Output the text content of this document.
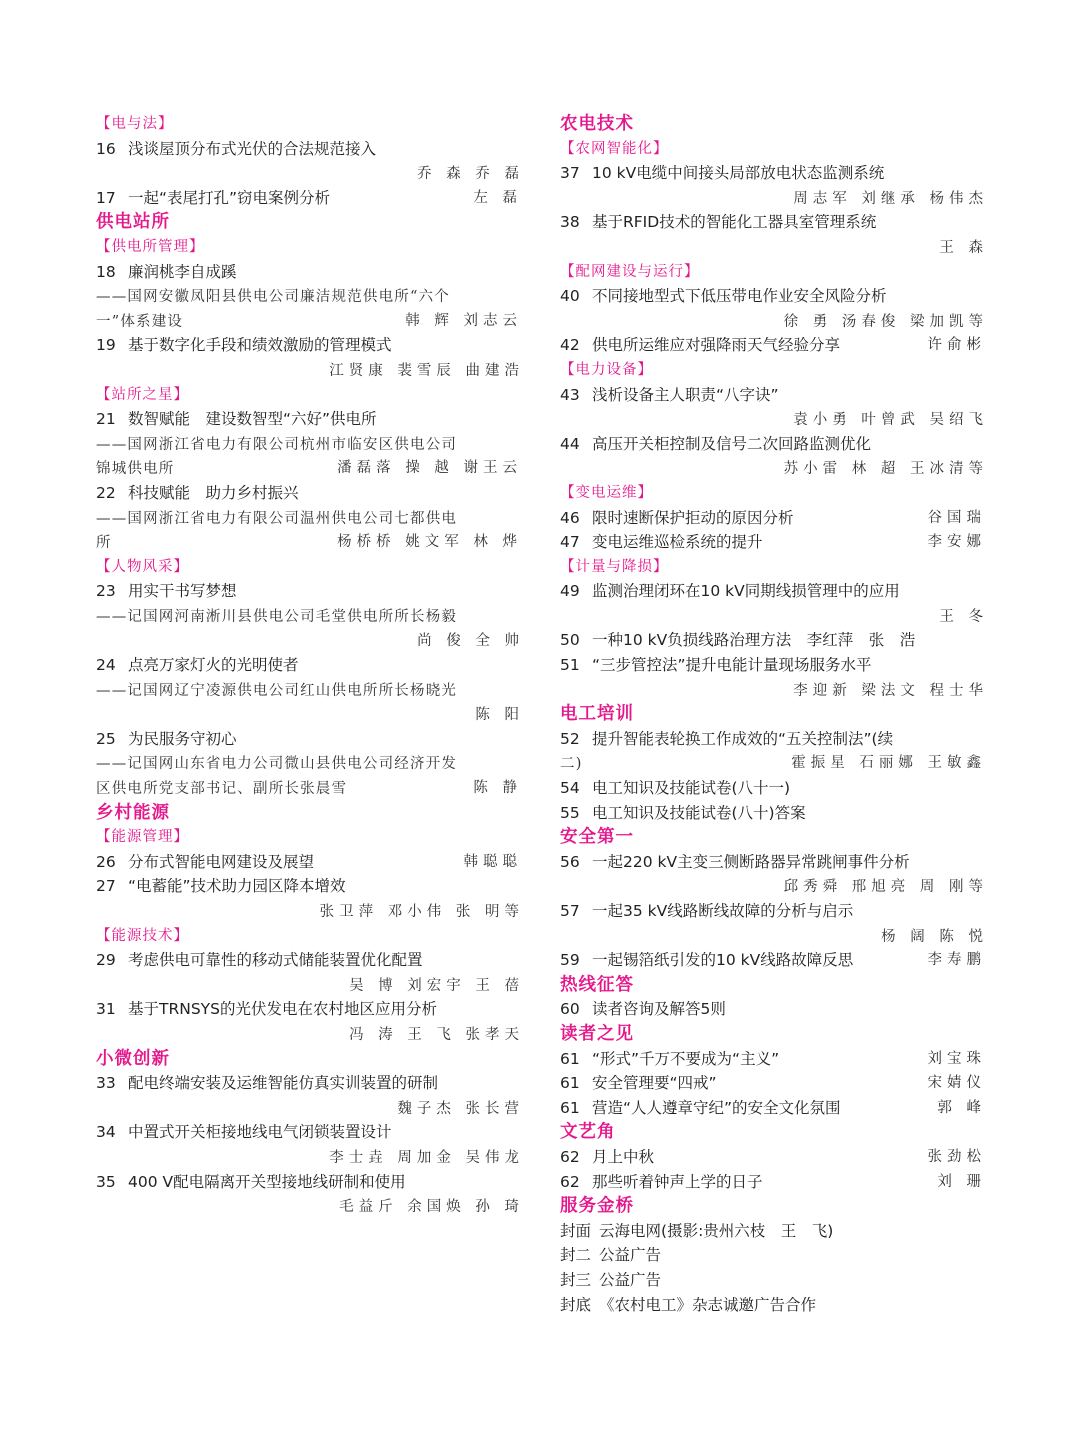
【电与法】
16 浅谈屋顶分布式光伏的合法规范接入
乔 森 乔 磊
17 一起“表尾打孔”窃电案例分析	左 磊
供电站所
【供电所管理】
18 廉润桃李自成蹊
——国网安徽凤阳县供电公司廉洁规范供电所“六个
一”体系建设	韩 辉 刘志云
19 基于数字化手段和绩效激励的管理模式
江贤康 裴雪辰 曲建浩
【站所之星】
21 数智赋能　建设数智型“六好”供电所
——国网浙江省电力有限公司杭州市临安区供电公司
锦城供电所	潘磊落 操 越 谢王云
22 科技赋能　助力乡村振兴
——国网浙江省电力有限公司温州供电公司七都供电
所	杨桥桥 姚文军 林 烨
【人物风采】
23 用实干书写梦想
——记国网河南淅川县供电公司毛堂供电所所长杨毅
尚 俊 全 帅
24 点亮万家灯火的光明使者
——记国网辽宁凌源供电公司红山供电所所长杨晓光
陈 阳
25 为民服务守初心
——记国网山东省电力公司微山县供电公司经济开发
区供电所党支部书记、副所长张晨雪	陈 静
乡村能源
【能源管理】
26 分布式智能电网建设及展望	韩聪聪
27 “电蓄能”技术助力园区降本增效
张卫萍 邓小伟 张 明等
【能源技术】
29 考虑供电可靠性的移动式储能装置优化配置
吴 博 刘宏宇 王 蓓
31 基于TRNSYS的光伏发电在农村地区应用分析
冯 涛 王 飞 张孝天
小微创新
33 配电终端安装及运维智能仿真实训装置的研制
魏子杰 张长营
34 中置式开关柜接地线电气闭锁装置设计
李士垚 周加金 吴伟龙
35 400 V配电隔离开关型接地线研制和使用
毛益斤 余国焕 孙 琦
农电技术
【农网智能化】
37 10 kV电缆中间接头局部放电状态监测系统
周志军 刘继承 杨伟杰
38 基于RFID技术的智能化工器具室管理系统
王 森
【配网建设与运行】
40 不同接地型式下低压带电作业安全风险分析
徐 勇 汤春俊 梁加凯等
42 供电所运维应对强降雨天气经验分享	许俞彬
【电力设备】
43 浅析设备主人职责“八字诀”
袁小勇 叶曾武 吴绍飞
44 高压开关柜控制及信号二次回路监测优化
苏小雷 林 超 王冰清等
【变电运维】
46 限时速断保护拒动的原因分析	谷国瑞
47 变电运维巡检系统的提升	李安娜
【计量与降损】
49 监测治理闭环在10 kV同期线损管理中的应用
王 冬
50 一种10 kV负损线路治理方法　李红萍　张　浩
51 “三步管控法”提升电能计量现场服务水平
李迎新 梁法文 程士华
电工培训
52 提升智能表轮换工作成效的“五关控制法”(续
二)	霍振星 石丽娜 王敏鑫
54 电工知识及技能试卷(八十一)
55 电工知识及技能试卷(八十)答案
安全第一
56 一起220 kV主变三侧断路器异常跳闸事件分析
邱秀舜 邢旭亮 周 刚等
57 一起35 kV线路断线故障的分析与启示
杨 阔 陈 悦
59 一起锡箔纸引发的10 kV线路故障反思	李寿鹏
热线征答
60 读者咨询及解答5则
读者之见
61 “形式”千万不要成为“主义”	刘宝珠
61 安全管理要“四戒”	宋婧仪
61 营造“人人遵章守纪”的安全文化氛围	郭 峰
文艺角
62 月上中秋	张劲松
62 那些听着钟声上学的日子	刘 珊
服务金桥
封面 云海电网(摄影:贵州六枝　王　飞)
封二 公益广告
封三 公益广告
封底 《农村电工》杂志诚邀广告合作
